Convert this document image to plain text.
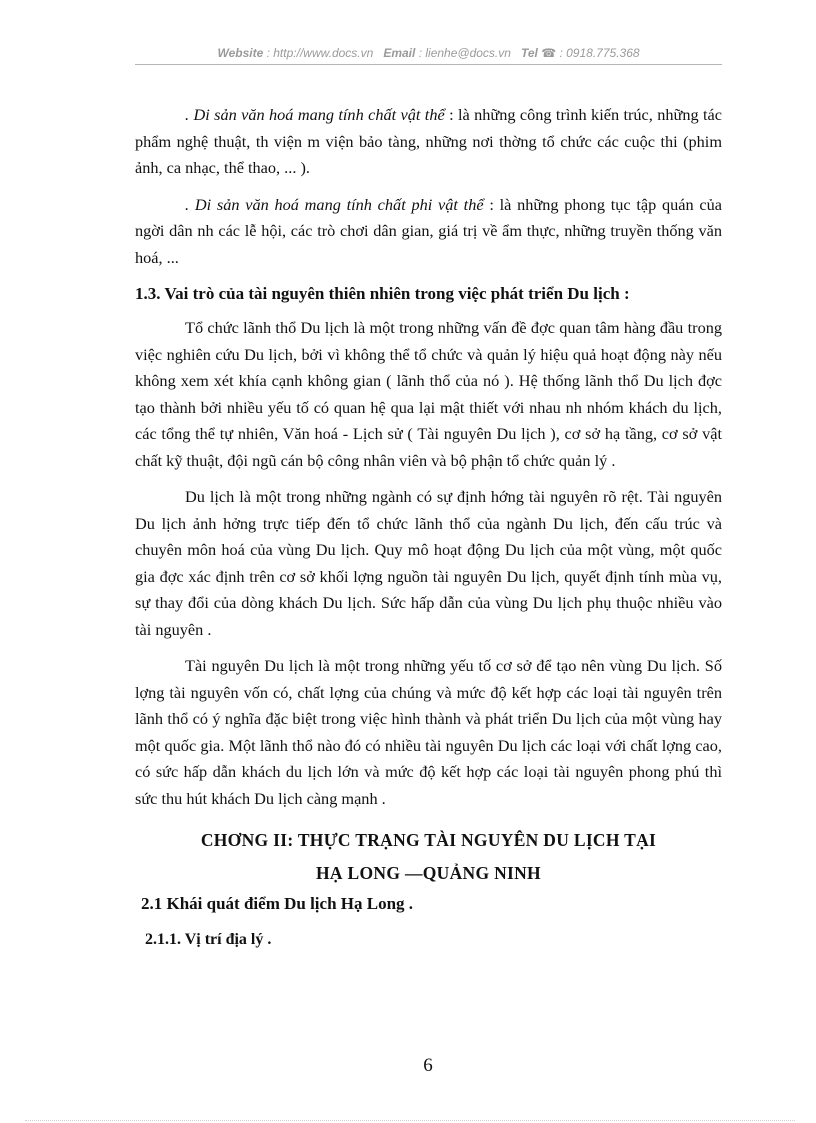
Website : http://www.docs.vn Email : lienhe@docs.vn Tel ☎ : 0918.775.368

. Di sản văn hoá mang tính chất vật thể : là những công trình kiến trúc, những tác phẩm nghệ thuật, th viện m viện bảo tàng, những nơi thờng tổ chức các cuộc thi (phim ảnh, ca nhạc, thể thao, ... ).

. Di sản văn hoá mang tính chất phi vật thể : là những phong tục tập quán của ngời dân nh các lễ hội, các trò chơi dân gian, giá trị về ẩm thực, những truyền thống văn hoá, ...

1.3. Vai trò của tài nguyên thiên nhiên trong việc phát triển Du lịch :

Tổ chức lãnh thổ Du lịch là một trong những vấn đề đợc quan tâm hàng đầu trong việc nghiên cứu Du lịch, bởi vì không thể tổ chức và quản lý hiệu quả hoạt động này nếu không xem xét khía cạnh không gian ( lãnh thổ của nó ). Hệ thống lãnh thổ Du lịch đợc tạo thành bởi nhiều yếu tố có quan hệ qua lại mật thiết với nhau nh nhóm khách du lịch, các tổng thể tự nhiên, Văn hoá - Lịch sử ( Tài nguyên Du lịch ), cơ sở hạ tầng, cơ sở vật chất kỹ thuật, đội ngũ cán bộ công nhân viên và bộ phận tổ chức quản lý .

Du lịch là một trong những ngành có sự định hớng tài nguyên rõ rệt. Tài nguyên Du lịch ảnh hởng trực tiếp đến tổ chức lãnh thổ của ngành Du lịch, đến cấu trúc và chuyên môn hoá của vùng Du lịch. Quy mô hoạt động Du lịch của một vùng, một quốc gia đợc xác định trên cơ sở khối lợng nguồn tài nguyên Du lịch, quyết định tính mùa vụ, sự thay đổi của dòng khách Du lịch. Sức hấp dẫn của vùng Du lịch phụ thuộc nhiều vào tài nguyên .

Tài nguyên Du lịch là một trong những yếu tố cơ sở để tạo nên vùng Du lịch. Số lợng tài nguyên vốn có, chất lợng của chúng và mức độ kết hợp các loại tài nguyên trên lãnh thổ có ý nghĩa đặc biệt trong việc hình thành và phát triển Du lịch của một vùng hay một quốc gia. Một lãnh thổ nào đó có nhiều tài nguyên Du lịch các loại với chất lợng cao, có sức hấp dẫn khách du lịch lớn và mức độ kết hợp các loại tài nguyên phong phú thì sức thu hút khách Du lịch càng mạnh .

CHƠNG II: THỰC TRẠNG TÀI NGUYÊN DU LỊCH TẠI
HẠ LONG —QUẢNG NINH
2.1 Khái quát điểm Du lịch Hạ Long .
2.1.1. Vị trí địa lý .
6
